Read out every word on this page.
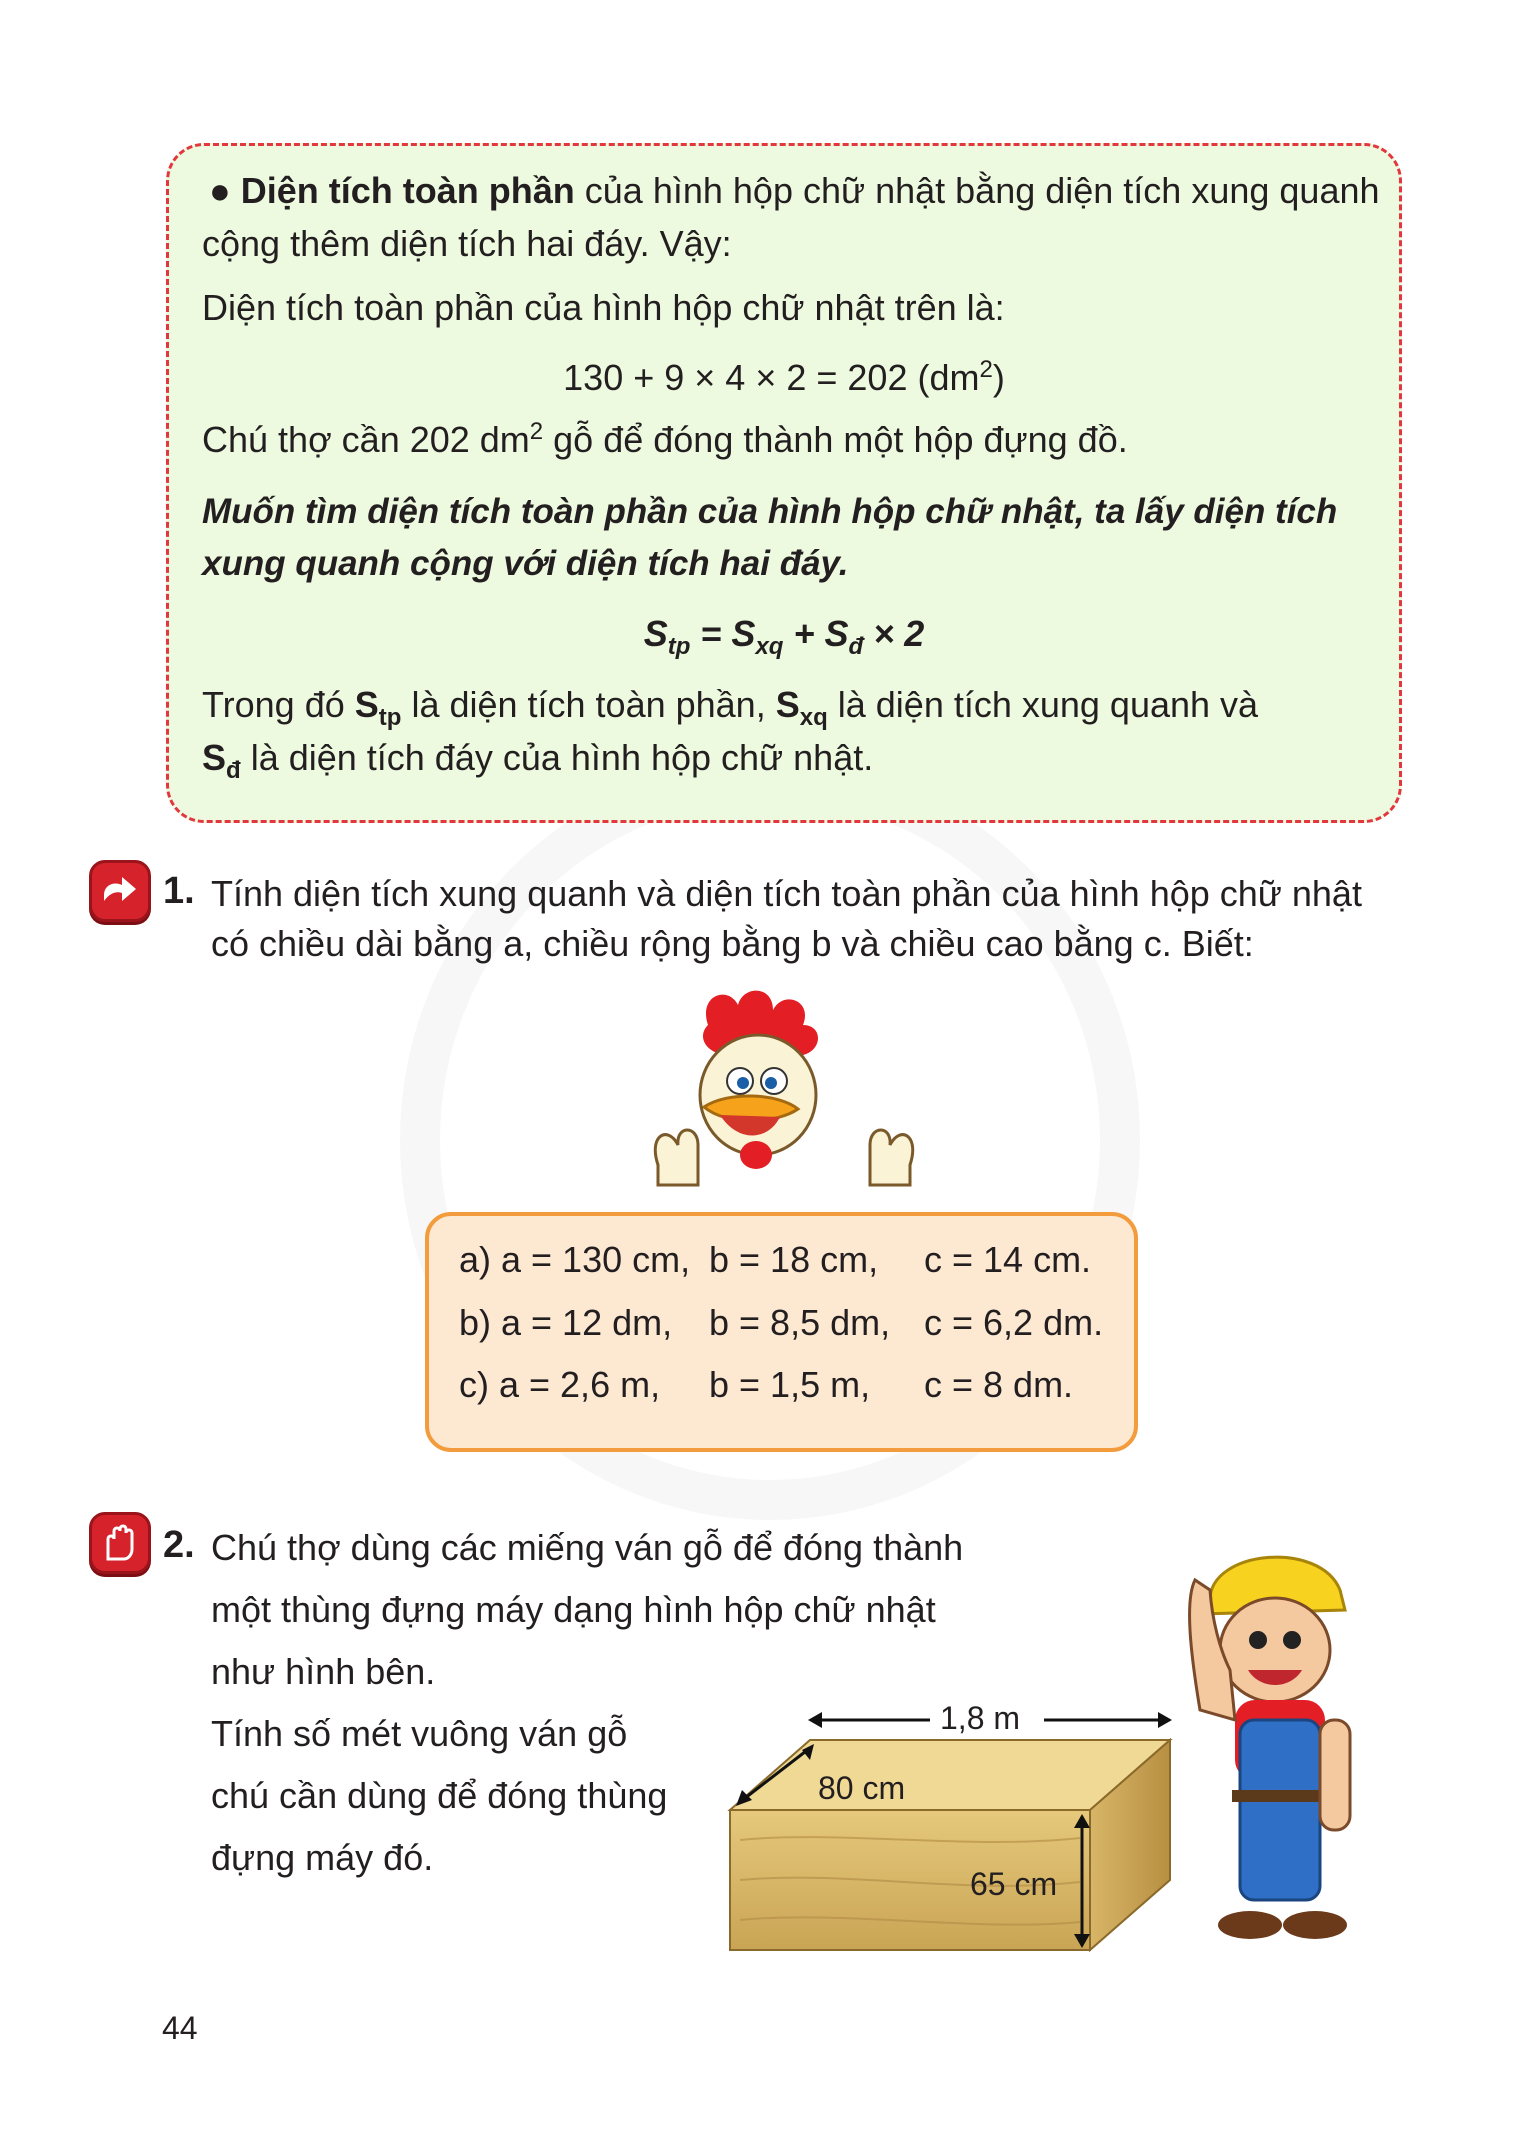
● Diện tích toàn phần của hình hộp chữ nhật bằng diện tích xung quanh
cộng thêm diện tích hai đáy. Vậy:
Diện tích toàn phần của hình hộp chữ nhật trên là:
130 + 9 × 4 × 2 = 202 $(dm^2)$
Chú thợ cần 202 $dm^2$ gỗ để đóng thành một hộp đựng đồ.
Muốn tìm diện tích toàn phần của hình hộp chữ nhật, ta lấy diện tích
xung quanh cộng với diện tích hai đáy.
$S_{tp} = S_{xq} + S_đ \times 2$
Trong đó $S_{tp}$ là diện tích toàn phần, $S_{xq}$ là diện tích xung quanh và
$S_đ$ là diện tích đáy của hình hộp chữ nhật.
1. Tính diện tích xung quanh và diện tích toàn phần của hình hộp chữ nhật
có chiều dài bằng a, chiều rộng bằng b và chiều cao bằng c. Biết:
a) a = 130 cm, b = 18 cm, c = 14 cm.
b) a = 12 dm, b = 8,5 dm, c = 6,2 dm.
c) a = 2,6 m, b = 1,5 m, c = 8 dm.
2. Chú thợ dùng các miếng ván gỗ để đóng thành
một thùng đựng máy dạng hình hộp chữ nhật
như hình bên.
Tính số mét vuông ván gỗ
chú cần dùng để đóng thùng
đựng máy đó.
1,8 m
80 cm
65 cm
44
